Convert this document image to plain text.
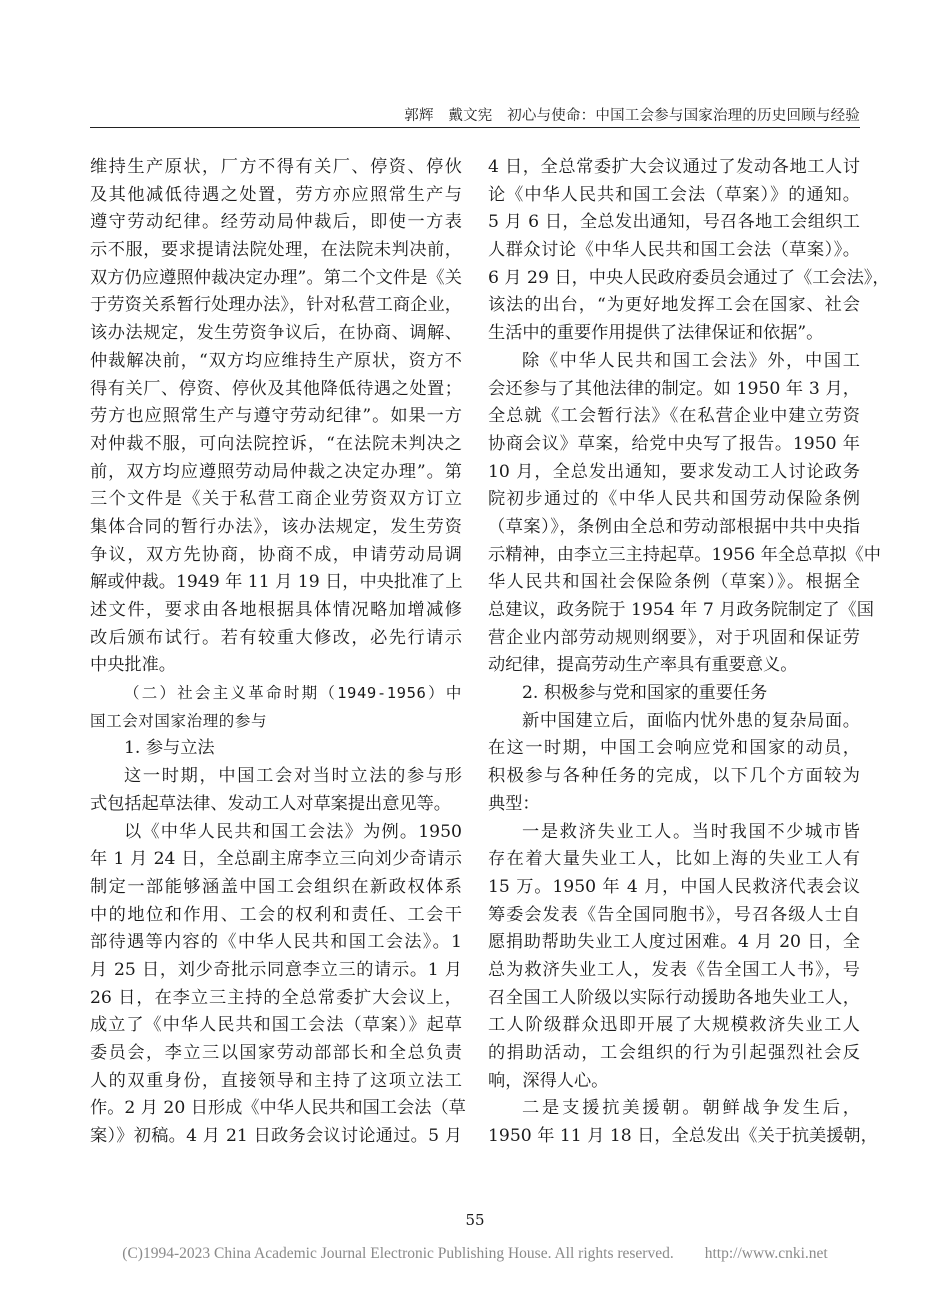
郭辉　戴文宪　 初心与使命：中国工会参与国家治理的历史回顾与经验
维持生产原状，厂方不得有关厂、停资、停伙
及其他减低待遇之处置，劳方亦应照常生产与
遵守劳动纪律。经劳动局仲裁后，即使一方表
示不服，要求提请法院处理，在法院未判决前，
双方仍应遵照仲裁决定办理”。第二个文件是《关
于劳资关系暂行处理办法》，针对私营工商企业，
该办法规定，发生劳资争议后，在协商、调解、
仲裁解决前，“双方均应维持生产原状，资方不
得有关厂、停资、停伙及其他降低待遇之处置；
劳方也应照常生产与遵守劳动纪律”。如果一方
对仲裁不服，可向法院控诉，“在法院未判决之
前，双方均应遵照劳动局仲裁之决定办理”。第
三个文件是《关于私营工商企业劳资双方订立
集体合同的暂行办法》，该办法规定，发生劳资
争议，双方先协商，协商不成，申请劳动局调
解或仲裁。1949 年 11 月 19 日，中央批准了上
述文件，要求由各地根据具体情况略加增减修
改后颁布试行。若有较重大修改，必先行请示
中央批准。
（二）社会主义革命时期（1949-1956）中
国工会对国家治理的参与
1. 参与立法
这一时期，中国工会对当时立法的参与形
式包括起草法律、发动工人对草案提出意见等。
以《中华人民共和国工会法》为例。1950
年 1 月 24 日，全总副主席李立三向刘少奇请示
制定一部能够涵盖中国工会组织在新政权体系
中的地位和作用、工会的权利和责任、工会干
部待遇等内容的《中华人民共和国工会法》。1
月 25 日，刘少奇批示同意李立三的请示。1 月
26 日，在李立三主持的全总常委扩大会议上，
成立了《中华人民共和国工会法（草案）》起草
委员会，李立三以国家劳动部部长和全总负责
人的双重身份，直接领导和主持了这项立法工
作。2 月 20 日形成《中华人民共和国工会法（草
案）》初稿。4 月 21 日政务会议讨论通过。5 月
4 日，全总常委扩大会议通过了发动各地工人讨
论《中华人民共和国工会法（草案）》的通知。
5 月 6 日，全总发出通知，号召各地工会组织工
人群众讨论《中华人民共和国工会法（草案）》。
6 月 29 日，中央人民政府委员会通过了《工会法》，
该法的出台，“为更好地发挥工会在国家、社会
生活中的重要作用提供了法律保证和依据”。
除《中华人民共和国工会法》外，中国工
会还参与了其他法律的制定。如 1950 年 3 月，
全总就《工会暂行法》《在私营企业中建立劳资
协商会议》草案，给党中央写了报告。1950 年
10 月，全总发出通知，要求发动工人讨论政务
院初步通过的《中华人民共和国劳动保险条例
（草案）》，条例由全总和劳动部根据中共中央指
示精神，由李立三主持起草。1956 年全总草拟《中
华人民共和国社会保险条例（草案）》。根据全
总建议，政务院于 1954 年 7 月政务院制定了《国
营企业内部劳动规则纲要》，对于巩固和保证劳
动纪律，提高劳动生产率具有重要意义。
2. 积极参与党和国家的重要任务
新中国建立后，面临内忧外患的复杂局面。
在这一时期，中国工会响应党和国家的动员，
积极参与各种任务的完成，以下几个方面较为
典型：
一是救济失业工人。当时我国不少城市皆
存在着大量失业工人，比如上海的失业工人有
15 万。1950 年 4 月，中国人民救济代表会议
筹委会发表《告全国同胞书》，号召各级人士自
愿捐助帮助失业工人度过困难。4 月 20 日，全
总为救济失业工人，发表《告全国工人书》，号
召全国工人阶级以实际行动援助各地失业工人，
工人阶级群众迅即开展了大规模救济失业工人
的捐助活动，工会组织的行为引起强烈社会反
响，深得人心。
二是支援抗美援朝。朝鲜战争发生后，
1950 年 11 月 18 日，全总发出《关于抗美援朝，
55
(C)1994-2023 China Academic Journal Electronic Publishing House. All rights reserved.　　http://www.cnki.net
